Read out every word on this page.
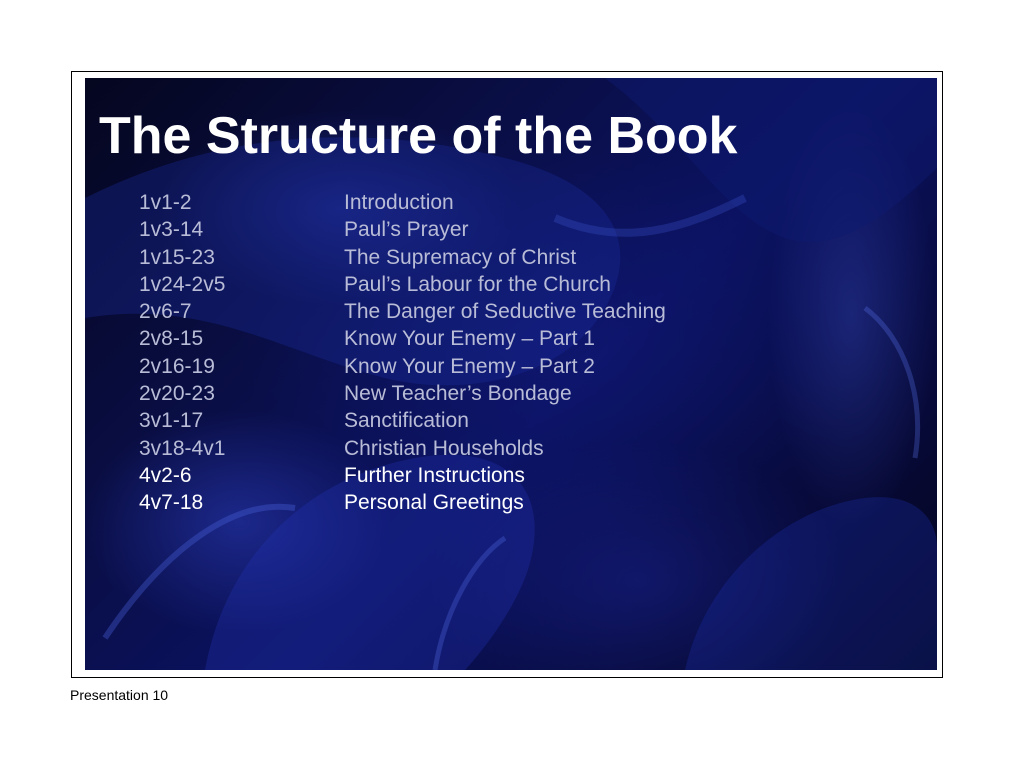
The Structure of the Book
1v1-2	Introduction
1v3-14	Paul’s Prayer
1v15-23	The Supremacy of Christ
1v24-2v5	Paul’s Labour for the Church
2v6-7	The Danger of Seductive Teaching
2v8-15	Know Your Enemy – Part 1
2v16-19	Know Your Enemy – Part 2
2v20-23	New Teacher’s Bondage
3v1-17	Sanctification
3v18-4v1	Christian Households
4v2-6	Further Instructions
4v7-18	Personal Greetings
Presentation 10
